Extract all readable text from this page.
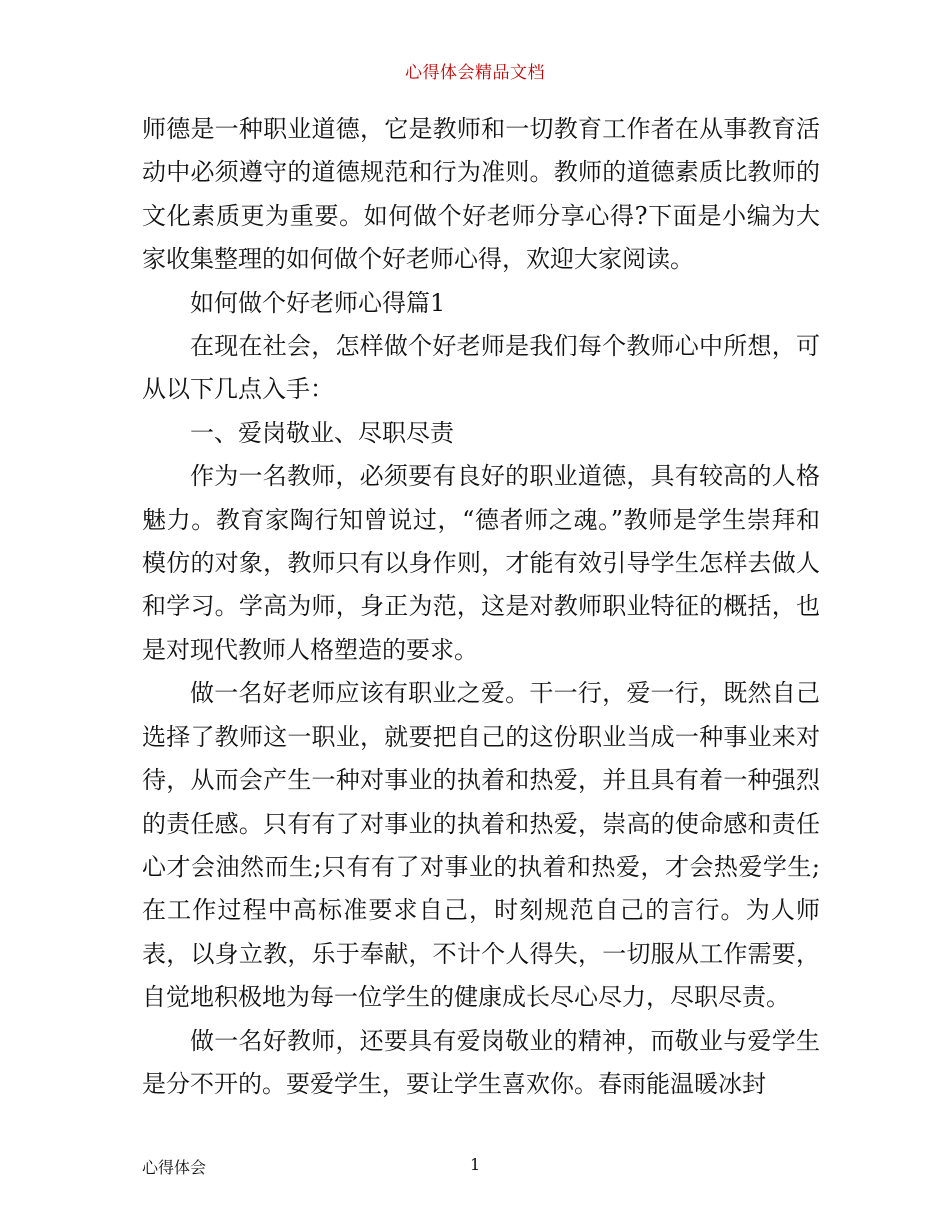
心得体会精品文档

师德是一种职业道德，它是教师和一切教育工作者在从事教育活动中必须遵守的道德规范和行为准则。教师的道德素质比教师的文化素质更为重要。如何做个好老师分享心得?下面是小编为大家收集整理的如何做个好老师心得，欢迎大家阅读。

如何做个好老师心得篇1

在现在社会，怎样做个好老师是我们每个教师心中所想，可从以下几点入手：

一、爱岗敬业、尽职尽责

作为一名教师，必须要有良好的职业道德，具有较高的人格魅力。教育家陶行知曾说过，“德者师之魂。”教师是学生崇拜和模仿的对象，教师只有以身作则，才能有效引导学生怎样去做人和学习。学高为师，身正为范，这是对教师职业特征的概括，也是对现代教师人格塑造的要求。

做一名好老师应该有职业之爱。干一行，爱一行，既然自己选择了教师这一职业，就要把自己的这份职业当成一种事业来对待，从而会产生一种对事业的执着和热爱，并且具有着一种强烈的责任感。只有有了对事业的执着和热爱，崇高的使命感和责任心才会油然而生;只有有了对事业的执着和热爱，才会热爱学生;在工作过程中高标准要求自己，时刻规范自己的言行。为人师表，以身立教，乐于奉献，不计个人得失，一切服从工作需要，自觉地积极地为每一位学生的健康成长尽心尽力，尽职尽责。

做一名好教师，还要具有爱岗敬业的精神，而敬业与爱学生是分不开的。要爱学生，要让学生喜欢你。春雨能温暖冰封

心得体会	1
